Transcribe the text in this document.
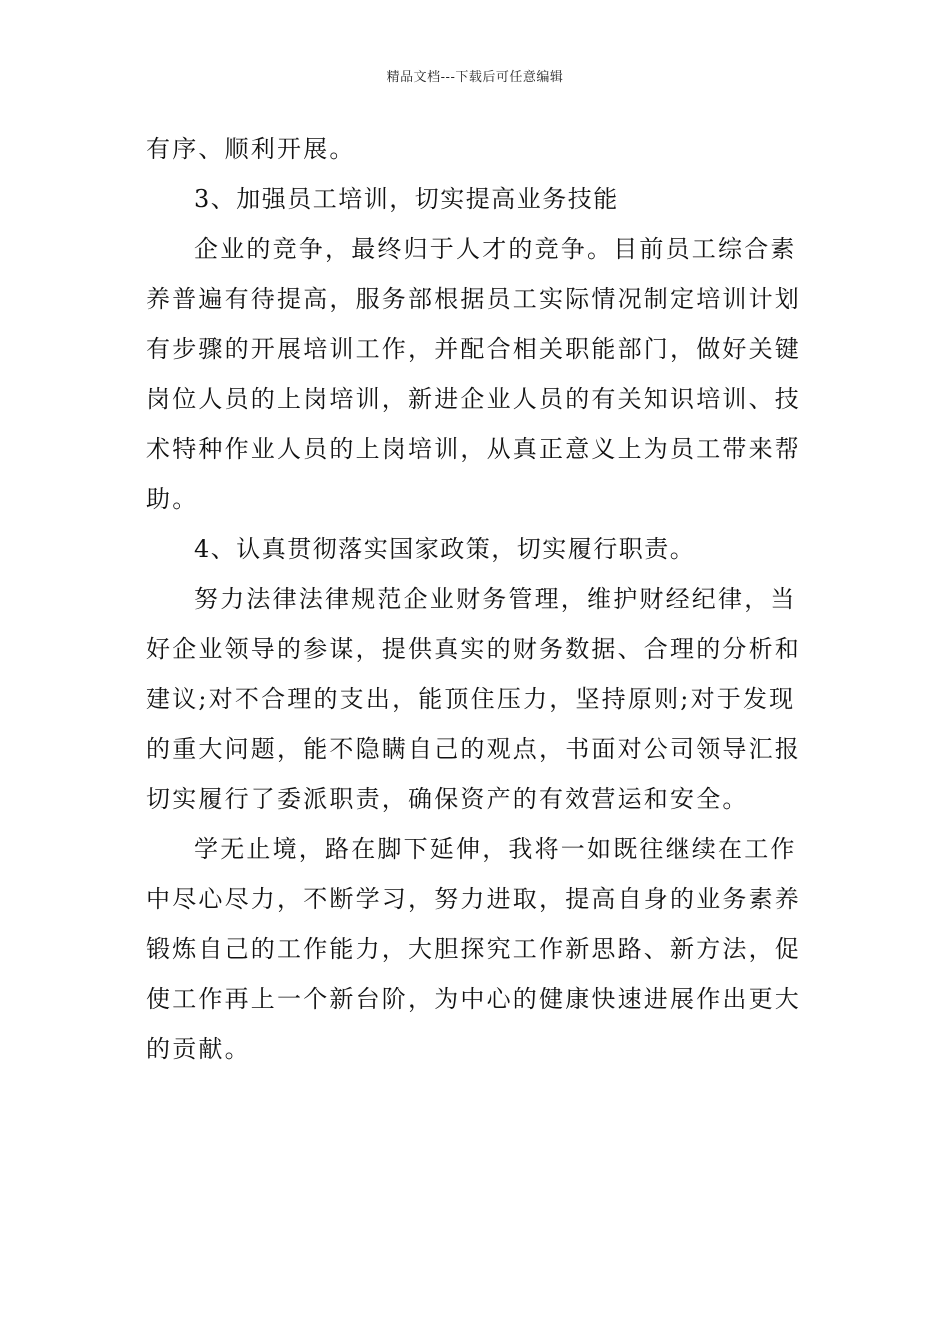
精品文档---下载后可任意编辑
有序、顺利开展。
3、加强员工培训，切实提高业务技能
企业的竞争，最终归于人才的竞争。目前员工综合素
养普遍有待提高，服务部根据员工实际情况制定培训计划
有步骤的开展培训工作，并配合相关职能部门，做好关键
岗位人员的上岗培训，新进企业人员的有关知识培训、技
术特种作业人员的上岗培训，从真正意义上为员工带来帮
助。
4、认真贯彻落实国家政策，切实履行职责。
努力法律法律规范企业财务管理，维护财经纪律，当
好企业领导的参谋，提供真实的财务数据、合理的分析和
建议;对不合理的支出，能顶住压力，坚持原则;对于发现
的重大问题，能不隐瞒自己的观点，书面对公司领导汇报
切实履行了委派职责，确保资产的有效营运和安全。
学无止境，路在脚下延伸，我将一如既往继续在工作
中尽心尽力，不断学习，努力进取，提高自身的业务素养
锻炼自己的工作能力，大胆探究工作新思路、新方法，促
使工作再上一个新台阶，为中心的健康快速进展作出更大
的贡献。
